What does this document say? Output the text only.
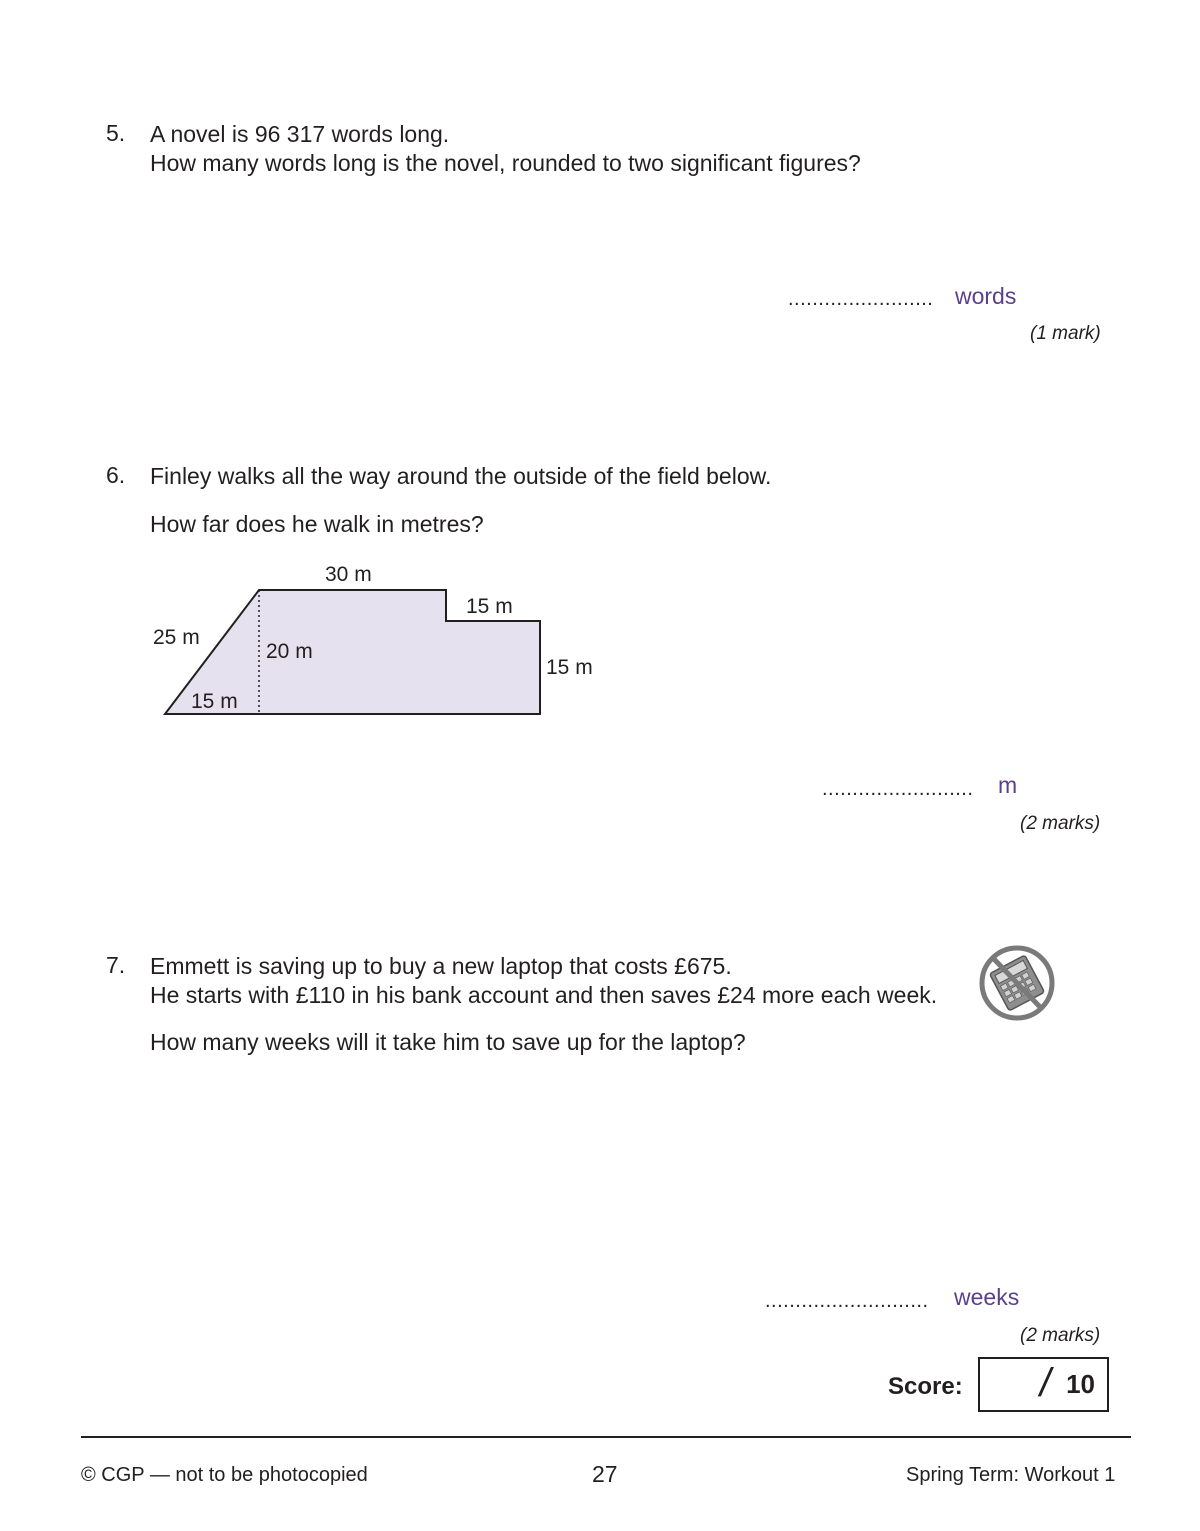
5. A novel is 96 317 words long.
How many words long is the novel, rounded to two significant figures?
........................ words
(1 mark)
6. Finley walks all the way around the outside of the field below.
How far does he walk in metres?
30 m
15 m
25 m
20 m
15 m
15 m
......................... m
(2 marks)
7. Emmett is saving up to buy a new laptop that costs £675.
He starts with £110 in his bank account and then saves £24 more each week.
How many weeks will it take him to save up for the laptop?
........................... weeks
(2 marks)
Score: / 10
© CGP — not to be photocopied	27	Spring Term: Workout 1
